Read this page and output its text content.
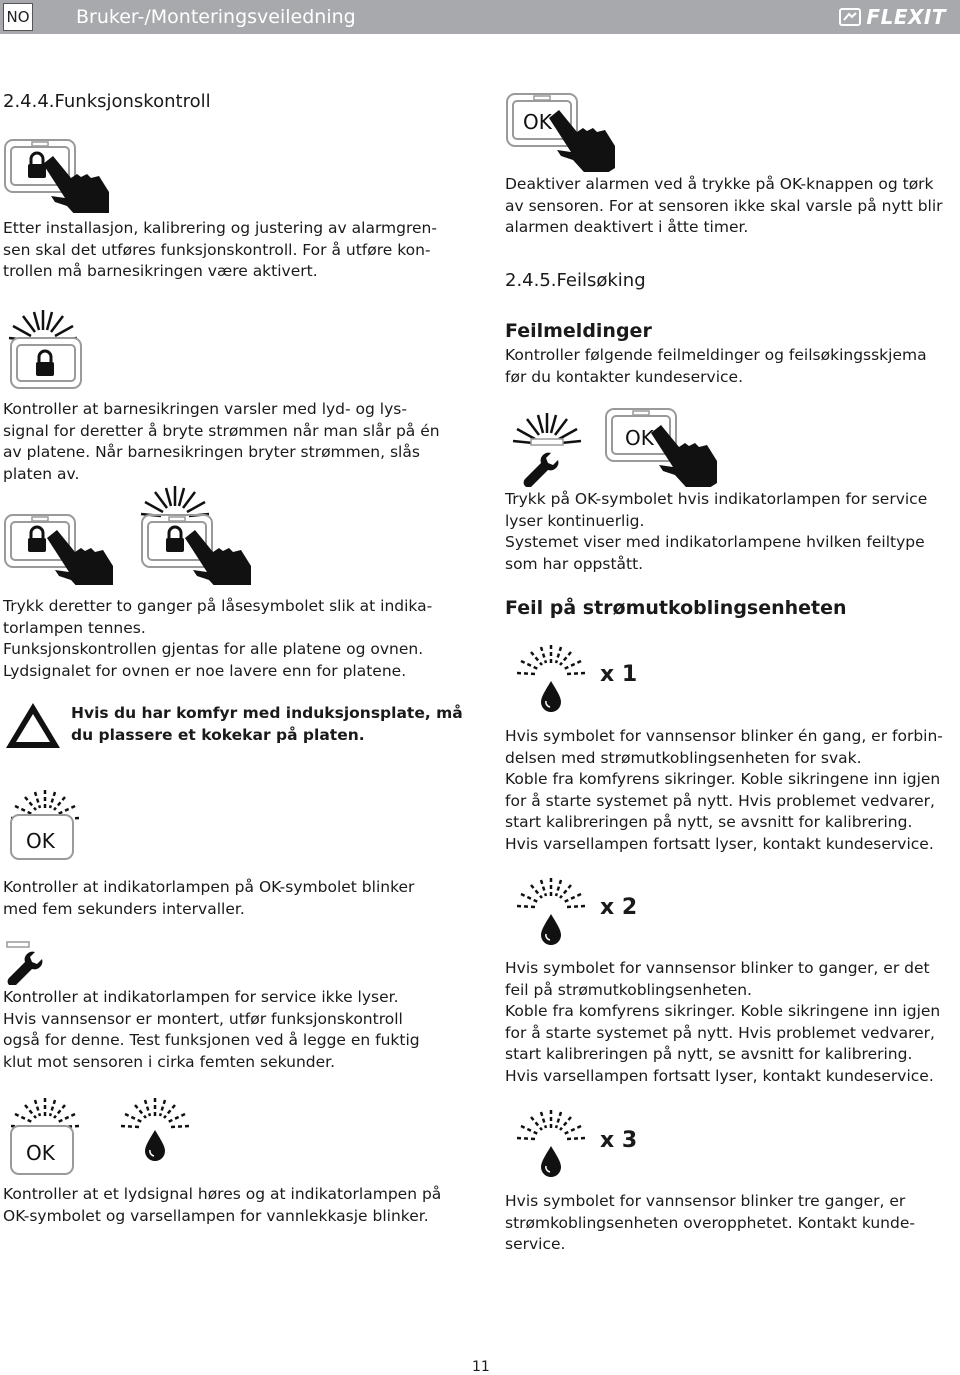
NO Bruker-/Monteringsveiledning	FLEXIT
2.4.4.Funksjonskontroll
Etter installasjon, kalibrering og justering av alarmgren-
sen skal det utføres funksjonskontroll. For å utføre kon-
trollen må barnesikringen være aktivert.
Kontroller at barnesikringen varsler med lyd- og lys-
signal for deretter å bryte strømmen når man slår på én
av platene. Når barnesikringen bryter strømmen, slås
platen av.
Trykk deretter to ganger på låsesymbolet slik at indika-
torlampen tennes.
Funksjonskontrollen gjentas for alle platene og ovnen.
Lydsignalet for ovnen er noe lavere enn for platene.
Hvis du har komfyr med induksjonsplate, må
du plassere et kokekar på platen.
OK
Kontroller at indikatorlampen på OK-symbolet blinker
med fem sekunders intervaller.
Kontroller at indikatorlampen for service ikke lyser.
Hvis vannsensor er montert, utfør funksjonskontroll
også for denne. Test funksjonen ved å legge en fuktig
klut mot sensoren i cirka femten sekunder.
OK
Kontroller at et lydsignal høres og at indikatorlampen på
OK-symbolet og varsellampen for vannlekkasje blinker.
OK
Deaktiver alarmen ved å trykke på OK-knappen og tørk
av sensoren. For at sensoren ikke skal varsle på nytt blir
alarmen deaktivert i åtte timer.
2.4.5.Feilsøking
Feilmeldinger
Kontroller følgende feilmeldinger og feilsøkingsskjema
før du kontakter kundeservice.
OK
Trykk på OK-symbolet hvis indikatorlampen for service
lyser kontinuerlig.
Systemet viser med indikatorlampene hvilken feiltype
som har oppstått.
Feil på strømutkoblingsenheten
x 1
Hvis symbolet for vannsensor blinker én gang, er forbin-
delsen med strømutkoblingsenheten for svak.
Koble fra komfyrens sikringer. Koble sikringene inn igjen
for å starte systemet på nytt. Hvis problemet vedvarer,
start kalibreringen på nytt, se avsnitt for kalibrering.
Hvis varsellampen fortsatt lyser, kontakt kundeservice.
x 2
Hvis symbolet for vannsensor blinker to ganger, er det
feil på strømutkoblingsenheten.
Koble fra komfyrens sikringer. Koble sikringene inn igjen
for å starte systemet på nytt. Hvis problemet vedvarer,
start kalibreringen på nytt, se avsnitt for kalibrering.
Hvis varsellampen fortsatt lyser, kontakt kundeservice.
x 3
Hvis symbolet for vannsensor blinker tre ganger, er
strømkoblingsenheten overopphetet. Kontakt kunde-
service.
11
